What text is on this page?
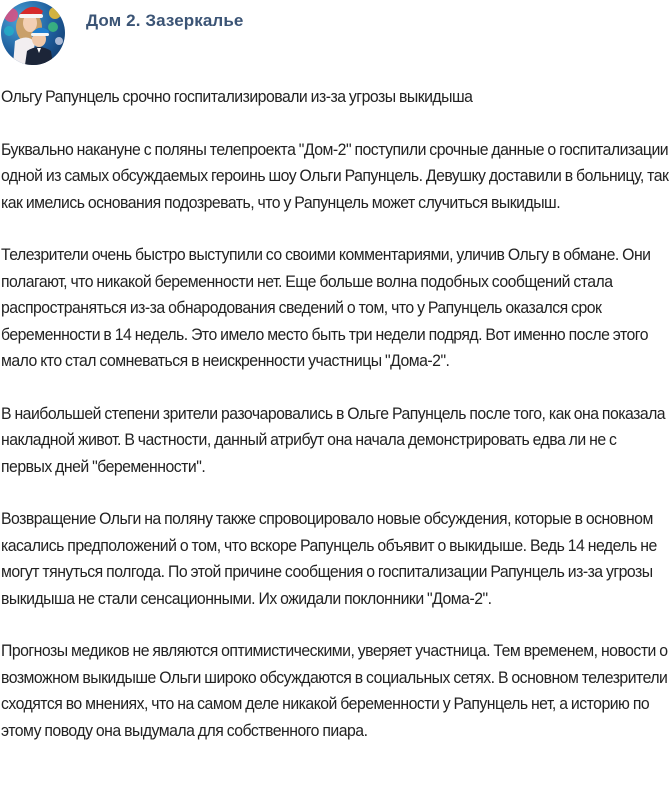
Дом 2. Зазеркалье

Ольгу Рапунцель срочно госпитализировали из-за угрозы выкидыша

Буквально накануне с поляны телепроекта "Дом-2" поступили срочные данные о госпитализации одной из самых обсуждаемых героинь шоу Ольги Рапунцель. Девушку доставили в больницу, так как имелись основания подозревать, что у Рапунцель может случиться выкидыш.

Телезрители очень быстро выступили со своими комментариями, уличив Ольгу в обмане. Они полагают, что никакой беременности нет. Еще больше волна подобных сообщений стала распространяться из-за обнародования сведений о том, что у Рапунцель оказался срок беременности в 14 недель. Это имело место быть три недели подряд. Вот именно после этого мало кто стал сомневаться в неискренности участницы "Дома-2".

В наибольшей степени зрители разочаровались в Ольге Рапунцель после того, как она показала накладной живот. В частности, данный атрибут она начала демонстрировать едва ли не с первых дней "беременности".

Возвращение Ольги на поляну также спровоцировало новые обсуждения, которые в основном касались предположений о том, что вскоре Рапунцель объявит о выкидыше. Ведь 14 недель не могут тянуться полгода. По этой причине сообщения о госпитализации Рапунцель из-за угрозы выкидыша не стали сенсационными. Их ожидали поклонники "Дома-2".

Прогнозы медиков не являются оптимистическими, уверяет участница. Тем временем, новости о возможном выкидыше Ольги широко обсуждаются в социальных сетях. В основном телезрители сходятся во мнениях, что на самом деле никакой беременности у Рапунцель нет, а историю по этому поводу она выдумала для собственного пиара.
